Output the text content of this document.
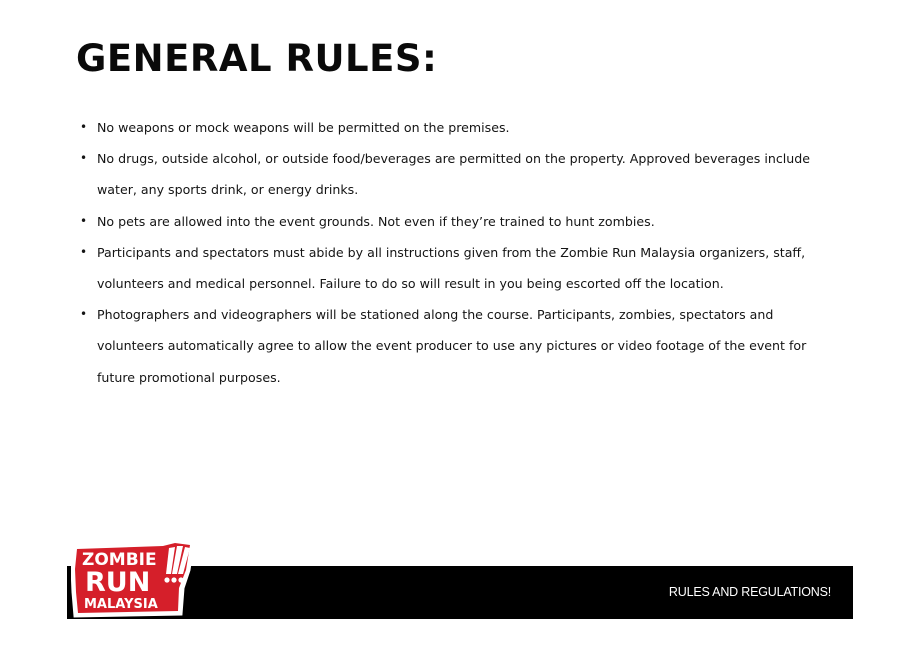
GENERAL RULES:
• No weapons or mock weapons will be permitted on the premises.
• No drugs, outside alcohol, or outside food/beverages are permitted on the property. Approved beverages include water, any sports drink, or energy drinks.
• No pets are allowed into the event grounds. Not even if they’re trained to hunt zombies.
• Participants and spectators must abide by all instructions given from the Zombie Run Malaysia organizers, staff, volunteers and medical personnel. Failure to do so will result in you being escorted off the location.
• Photographers and videographers will be stationed along the course. Participants, zombies, spectators and volunteers automatically agree to allow the event producer to use any pictures or video footage of the event for future promotional purposes.
RULES AND REGULATIONS!
ZOMBIE
RUN
MALAYSIA
